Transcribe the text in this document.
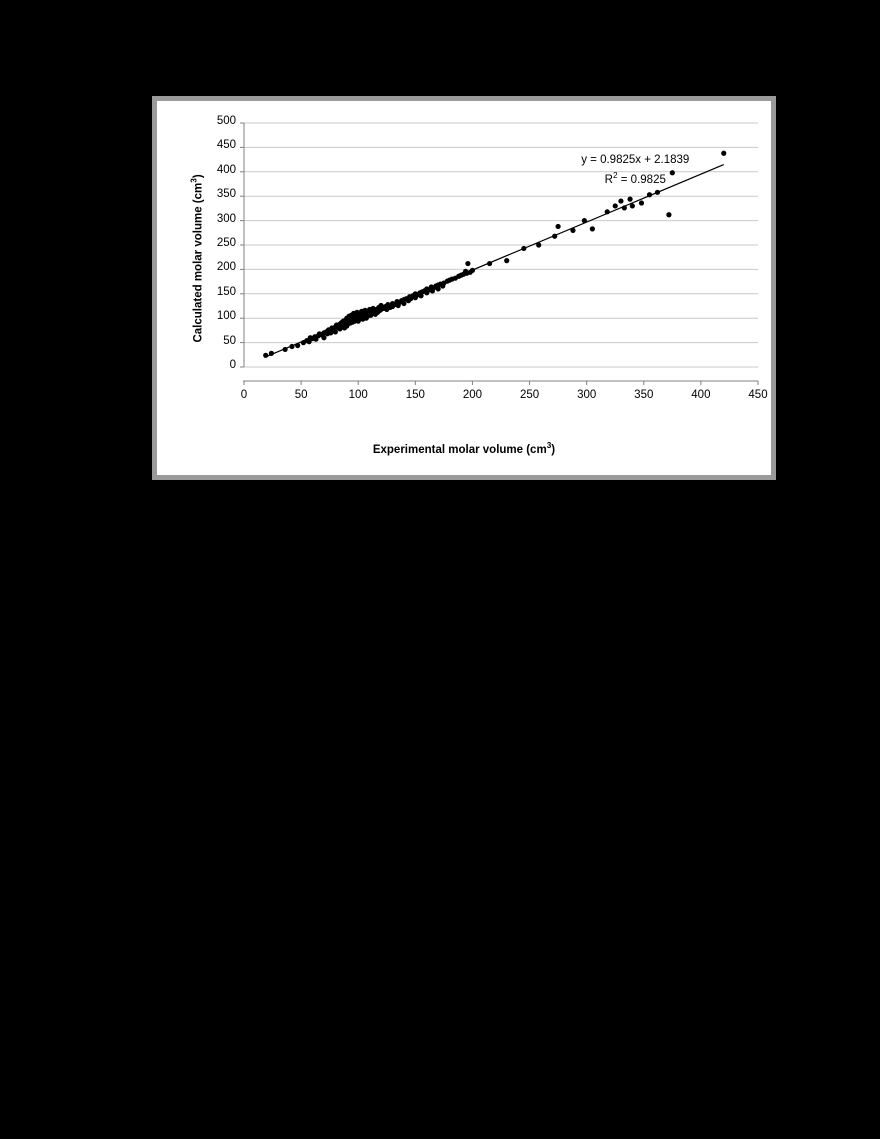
Calculated molar volume $(cm^3)$
Experimental molar volume $(cm^3)$
0
50
100
150
200
250
300
350
400
450
500
0	50	100	150	200	250	300	350	400	450
y = 0.9825x + 2.1839
$R^2 = 0.9825$
